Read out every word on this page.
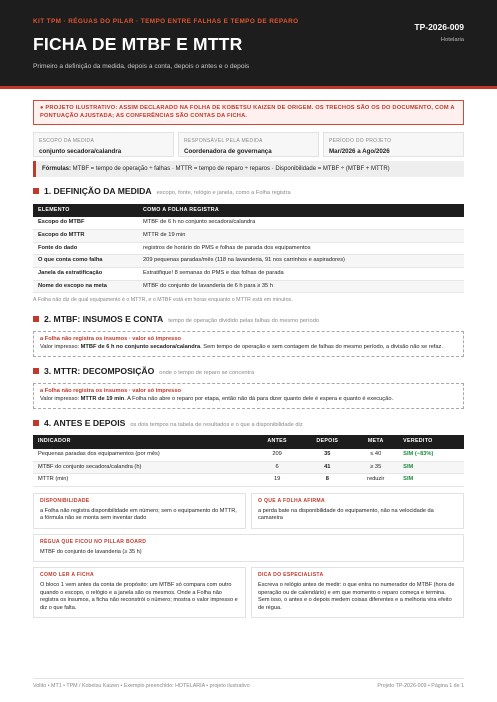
KIT TPM · RÉGUAS DO PILAR · TEMPO ENTRE FALHAS E TEMPO DE REPARO
FICHA DE MTBF E MTTR
Primeiro a definição da medida, depois a conta, depois o antes e o depois
TP-2026-009
Hotelaria
● PROJETO ILUSTRATIVO: ASSIM DECLARADO NA FOLHA DE KOBETSU KAIZEN DE ORIGEM. OS TRECHOS SÃO OS DO DOCUMENTO, COM A PONTUAÇÃO AJUSTADA; AS CONFERÊNCIAS SÃO CONTAS DA FICHA.
ESCOPO DA MEDIDA
conjunto secadora/calandra
RESPONSÁVEL PELA MEDIDA
Coordenadora de governança
PERÍODO DO PROJETO
Mar/2026 a Ago/2026
Fórmulas: MTBF = tempo de operação ÷ falhas · MTTR = tempo de reparo ÷ reparos · Disponibilidade = MTBF ÷ (MTBF + MTTR)
1. DEFINIÇÃO DA MEDIDA escopo, fonte, relógio e janela, como a Folha registra
ELEMENTO	COMO A FOLHA REGISTRA
Escopo do MTBF	MTBF de 6 h no conjunto secadora/calandra
Escopo do MTTR	MTTR de 19 min
Fonte do dado	registros de horário do PMS e folhas de parada dos equipamentos
O que conta como falha	209 pequenas paradas/mês (118 na lavanderia, 91 nos carrinhos e aspiradores)
Janela da estratificação	Estratifique! 8 semanas do PMS e das folhas de parada
Nome do escopo na meta	MTBF do conjunto de lavanderia de 6 h para ≥ 35 h
A Folha não diz de qual equipamento é o MTTR, e o MTBF está em horas enquanto o MTTR está em minutos.
2. MTBF: INSUMOS E CONTA tempo de operação dividido pelas falhas do mesmo período
a Folha não registra os insumos · valor só impresso
Valor impresso: MTBF de 6 h no conjunto secadora/calandra. Sem tempo de operação e sem contagem de falhas do mesmo período, a divisão não se refaz.
3. MTTR: DECOMPOSIÇÃO onde o tempo de reparo se concentra
a Folha não registra os insumos · valor só impresso
Valor impresso: MTTR de 19 min. A Folha não abre o reparo por etapa, então não dá para dizer quanto dele é espera e quanto é execução.
4. ANTES E DEPOIS os dois tempos na tabela de resultados e o que a disponibilidade diz
INDICADOR	ANTES	DEPOIS	META	VEREDITO
Pequenas paradas dos equipamentos (por mês)	209	35	≤ 40	SIM (−83%)
MTBF do conjunto secadora/calandra (h)	6	41	≥ 35	SIM
MTTR (min)	19	8	reduzir	SIM
DISPONIBILIDADE
a Folha não registra disponibilidade em número; sem o equipamento do MTTR, a fórmula não se monta sem inventar dado
O QUE A FOLHA AFIRMA
a perda bate na disponibilidade do equipamento, não na velocidade da camareira
RÉGUA QUE FICOU NO PILLAR BOARD
MTBF do conjunto de lavanderia (≥ 35 h)
COMO LER A FICHA
O bloco 1 vem antes da conta de propósito: um MTBF só compara com outro quando o escopo, o relógio e a janela são os mesmos. Onde a Folha não registra os insumos, a ficha não reconstrói o número; mostra o valor impresso e diz o que falta.
DICA DO ESPECIALISTA
Escreva o relógio antes de medir: o que entra no numerador do MTBF (hora de operação ou de calendário) e em que momento o reparo começa e termina. Sem isso, o antes e o depois medem coisas diferentes e a melhoria vira efeito de régua.
Voltto • MT1 • TPM / Kobetsu Kaizen • Exemplo preenchido: HOTELARIA • projeto ilustrativo	Projeto TP-2026-009 • Página 1 de 1
